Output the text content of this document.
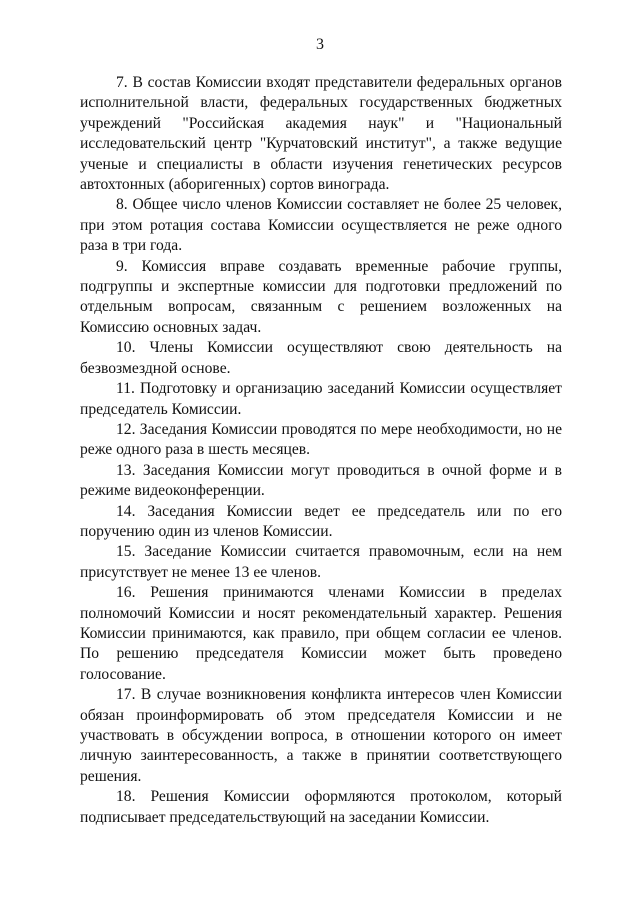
3

7. В состав Комиссии входят представители федеральных органов исполнительной власти, федеральных государственных бюджетных учреждений "Российская академия наук" и "Национальный исследовательский центр "Курчатовский институт", а также ведущие ученые и специалисты в области изучения генетических ресурсов автохтонных (аборигенных) сортов винограда.

8. Общее число членов Комиссии составляет не более 25 человек, при этом ротация состава Комиссии осуществляется не реже одного раза в три года.

9. Комиссия вправе создавать временные рабочие группы, подгруппы и экспертные комиссии для подготовки предложений по отдельным вопросам, связанным с решением возложенных на Комиссию основных задач.

10. Члены Комиссии осуществляют свою деятельность на безвозмездной основе.

11. Подготовку и организацию заседаний Комиссии осуществляет председатель Комиссии.

12. Заседания Комиссии проводятся по мере необходимости, но не реже одного раза в шесть месяцев.

13. Заседания Комиссии могут проводиться в очной форме и в режиме видеоконференции.

14. Заседания Комиссии ведет ее председатель или по его поручению один из членов Комиссии.

15. Заседание Комиссии считается правомочным, если на нем присутствует не менее 13 ее членов.

16. Решения принимаются членами Комиссии в пределах полномочий Комиссии и носят рекомендательный характер. Решения Комиссии принимаются, как правило, при общем согласии ее членов. По решению председателя Комиссии может быть проведено голосование.

17. В случае возникновения конфликта интересов член Комиссии обязан проинформировать об этом председателя Комиссии и не участвовать в обсуждении вопроса, в отношении которого он имеет личную заинтересованность, а также в принятии соответствующего решения.

18. Решения Комиссии оформляются протоколом, который подписывает председательствующий на заседании Комиссии.
